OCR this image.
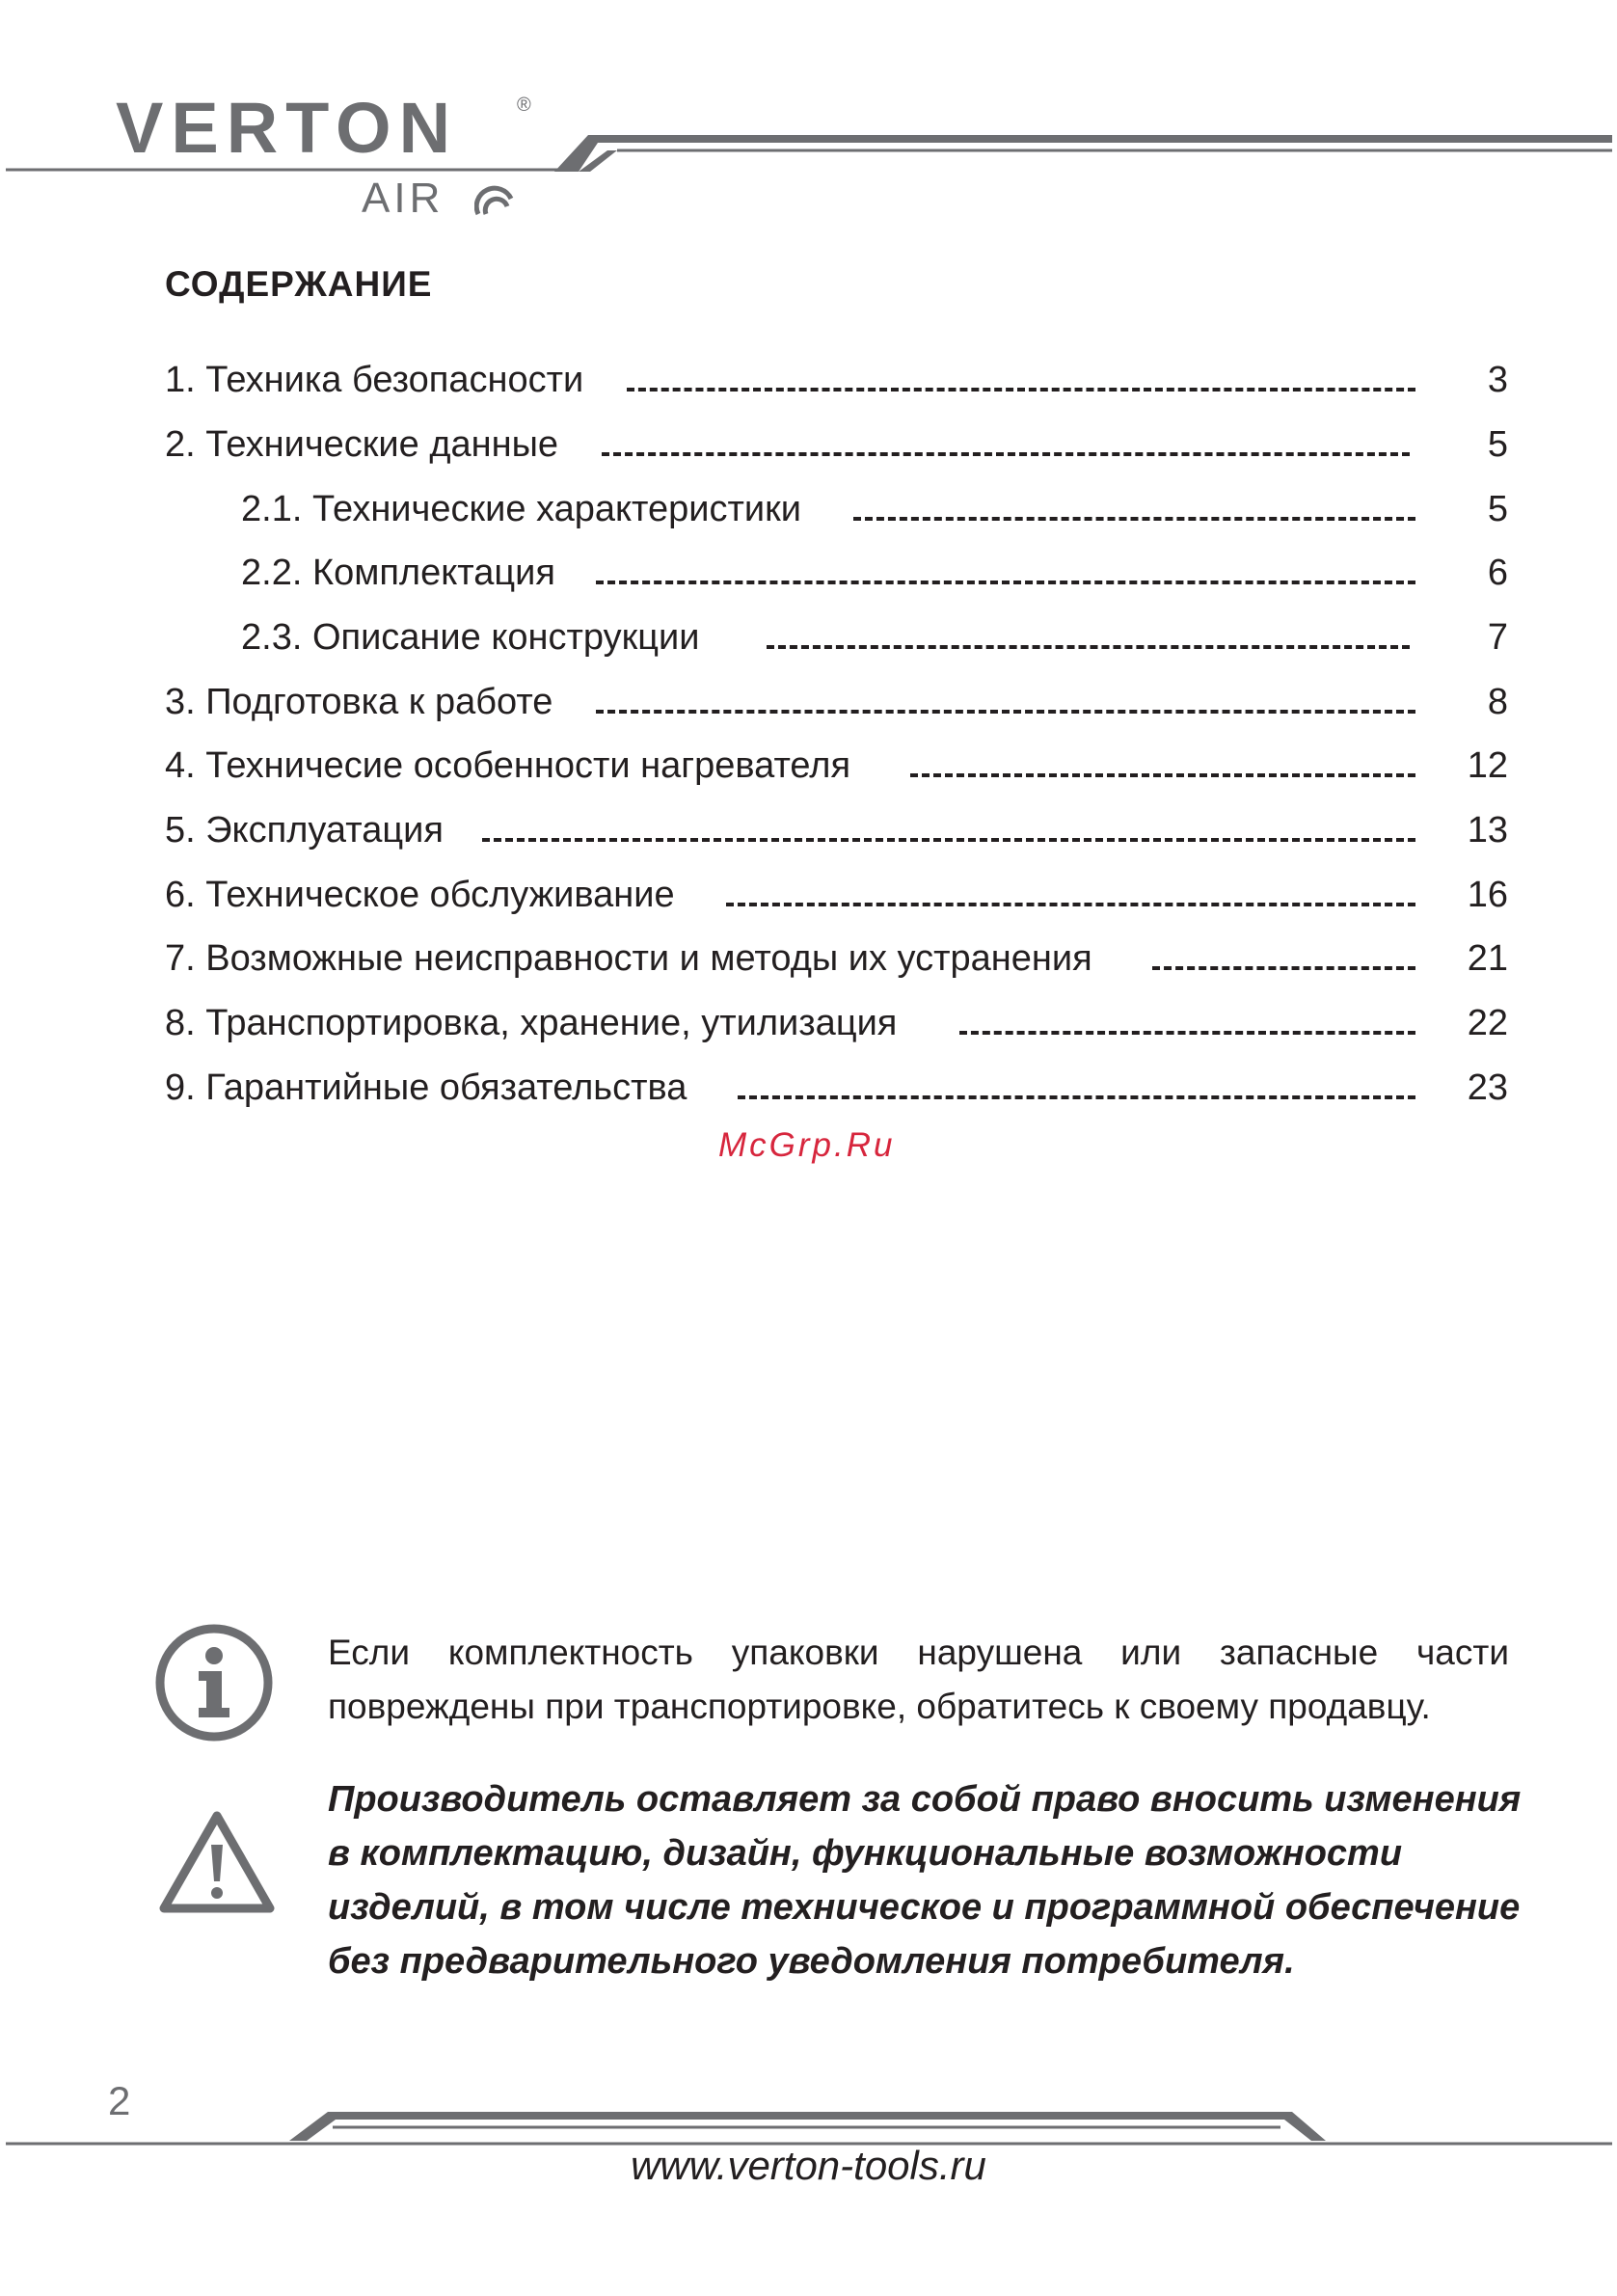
VERTON	®
AIR
СОДЕРЖАНИЕ
1. Техника безопасности	3
2. Технические данные	5
2.1. Технические характеристики	5
2.2. Комплектация	6
2.3. Описание конструкции	7
3. Подготовка к работе	8
4. Техничесие особенности нагревателя	12
5. Эксплуатация	13
6. Техническое обслуживание	16
7. Возможные неисправности и методы их устранения	21
8. Транспортировка, хранение, утилизация	22
9. Гарантийные обязательства	23
McGrp.Ru
Если комплектность упаковки нарушена или запасные части повреждены при транспортировке, обратитесь к своему продавцу.
Производитель оставляет за собой право вносить изменения в комплектацию, дизайн, функциональные возможности изделий, в том числе техническое и программной обеспечение без предварительного уведомления потребителя.
2
www.verton-tools.ru
